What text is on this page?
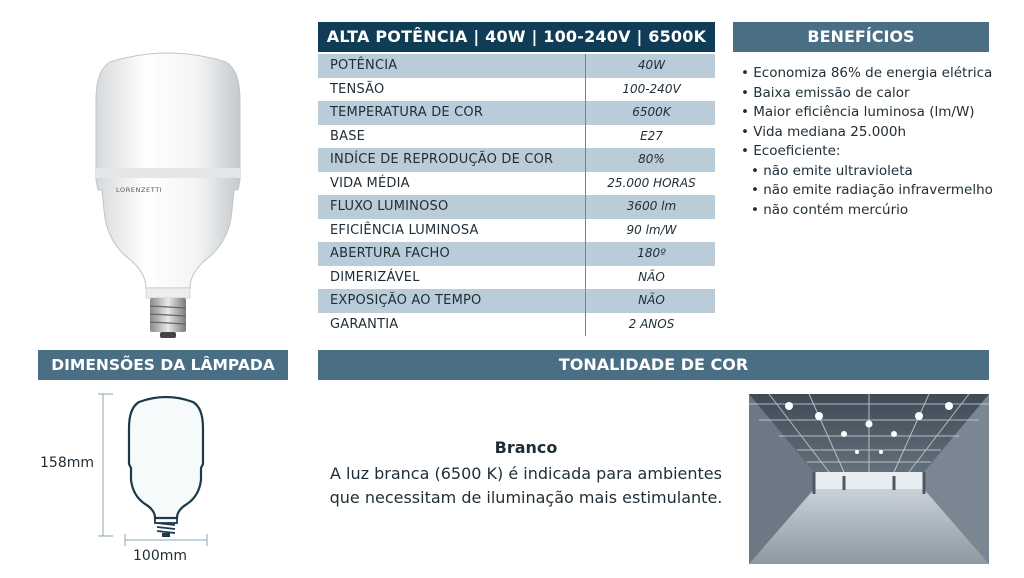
LORENZETTI
ALTA POTÊNCIA | 40W | 100-240V | 6500K
POTÊNCIA	40W
TENSÃO	100-240V
TEMPERATURA DE COR	6500K
BASE	E27
INDÍCE DE REPRODUÇÃO DE COR	80%
VIDA MÉDIA	25.000 HORAS
FLUXO LUMINOSO	3600 lm
EFICIÊNCIA LUMINOSA	90 lm/W
ABERTURA FACHO	180º
DIMERIZÁVEL	NÃO
EXPOSIÇÃO AO TEMPO	NÃO
GARANTIA	2 ANOS
BENEFÍCIOS
• Economiza 86% de energia elétrica
• Baixa emissão de calor
• Maior eficiência luminosa (lm/W)
• Vida mediana 25.000h
• Ecoeficiente:
• não emite ultravioleta
• não emite radiação infravermelho
• não contém mercúrio
DIMENSÕES DA LÂMPADA
158mm
100mm
TONALIDADE DE COR
Branco
A luz branca (6500 K) é indicada para ambientes
que necessitam de iluminação mais estimulante.
